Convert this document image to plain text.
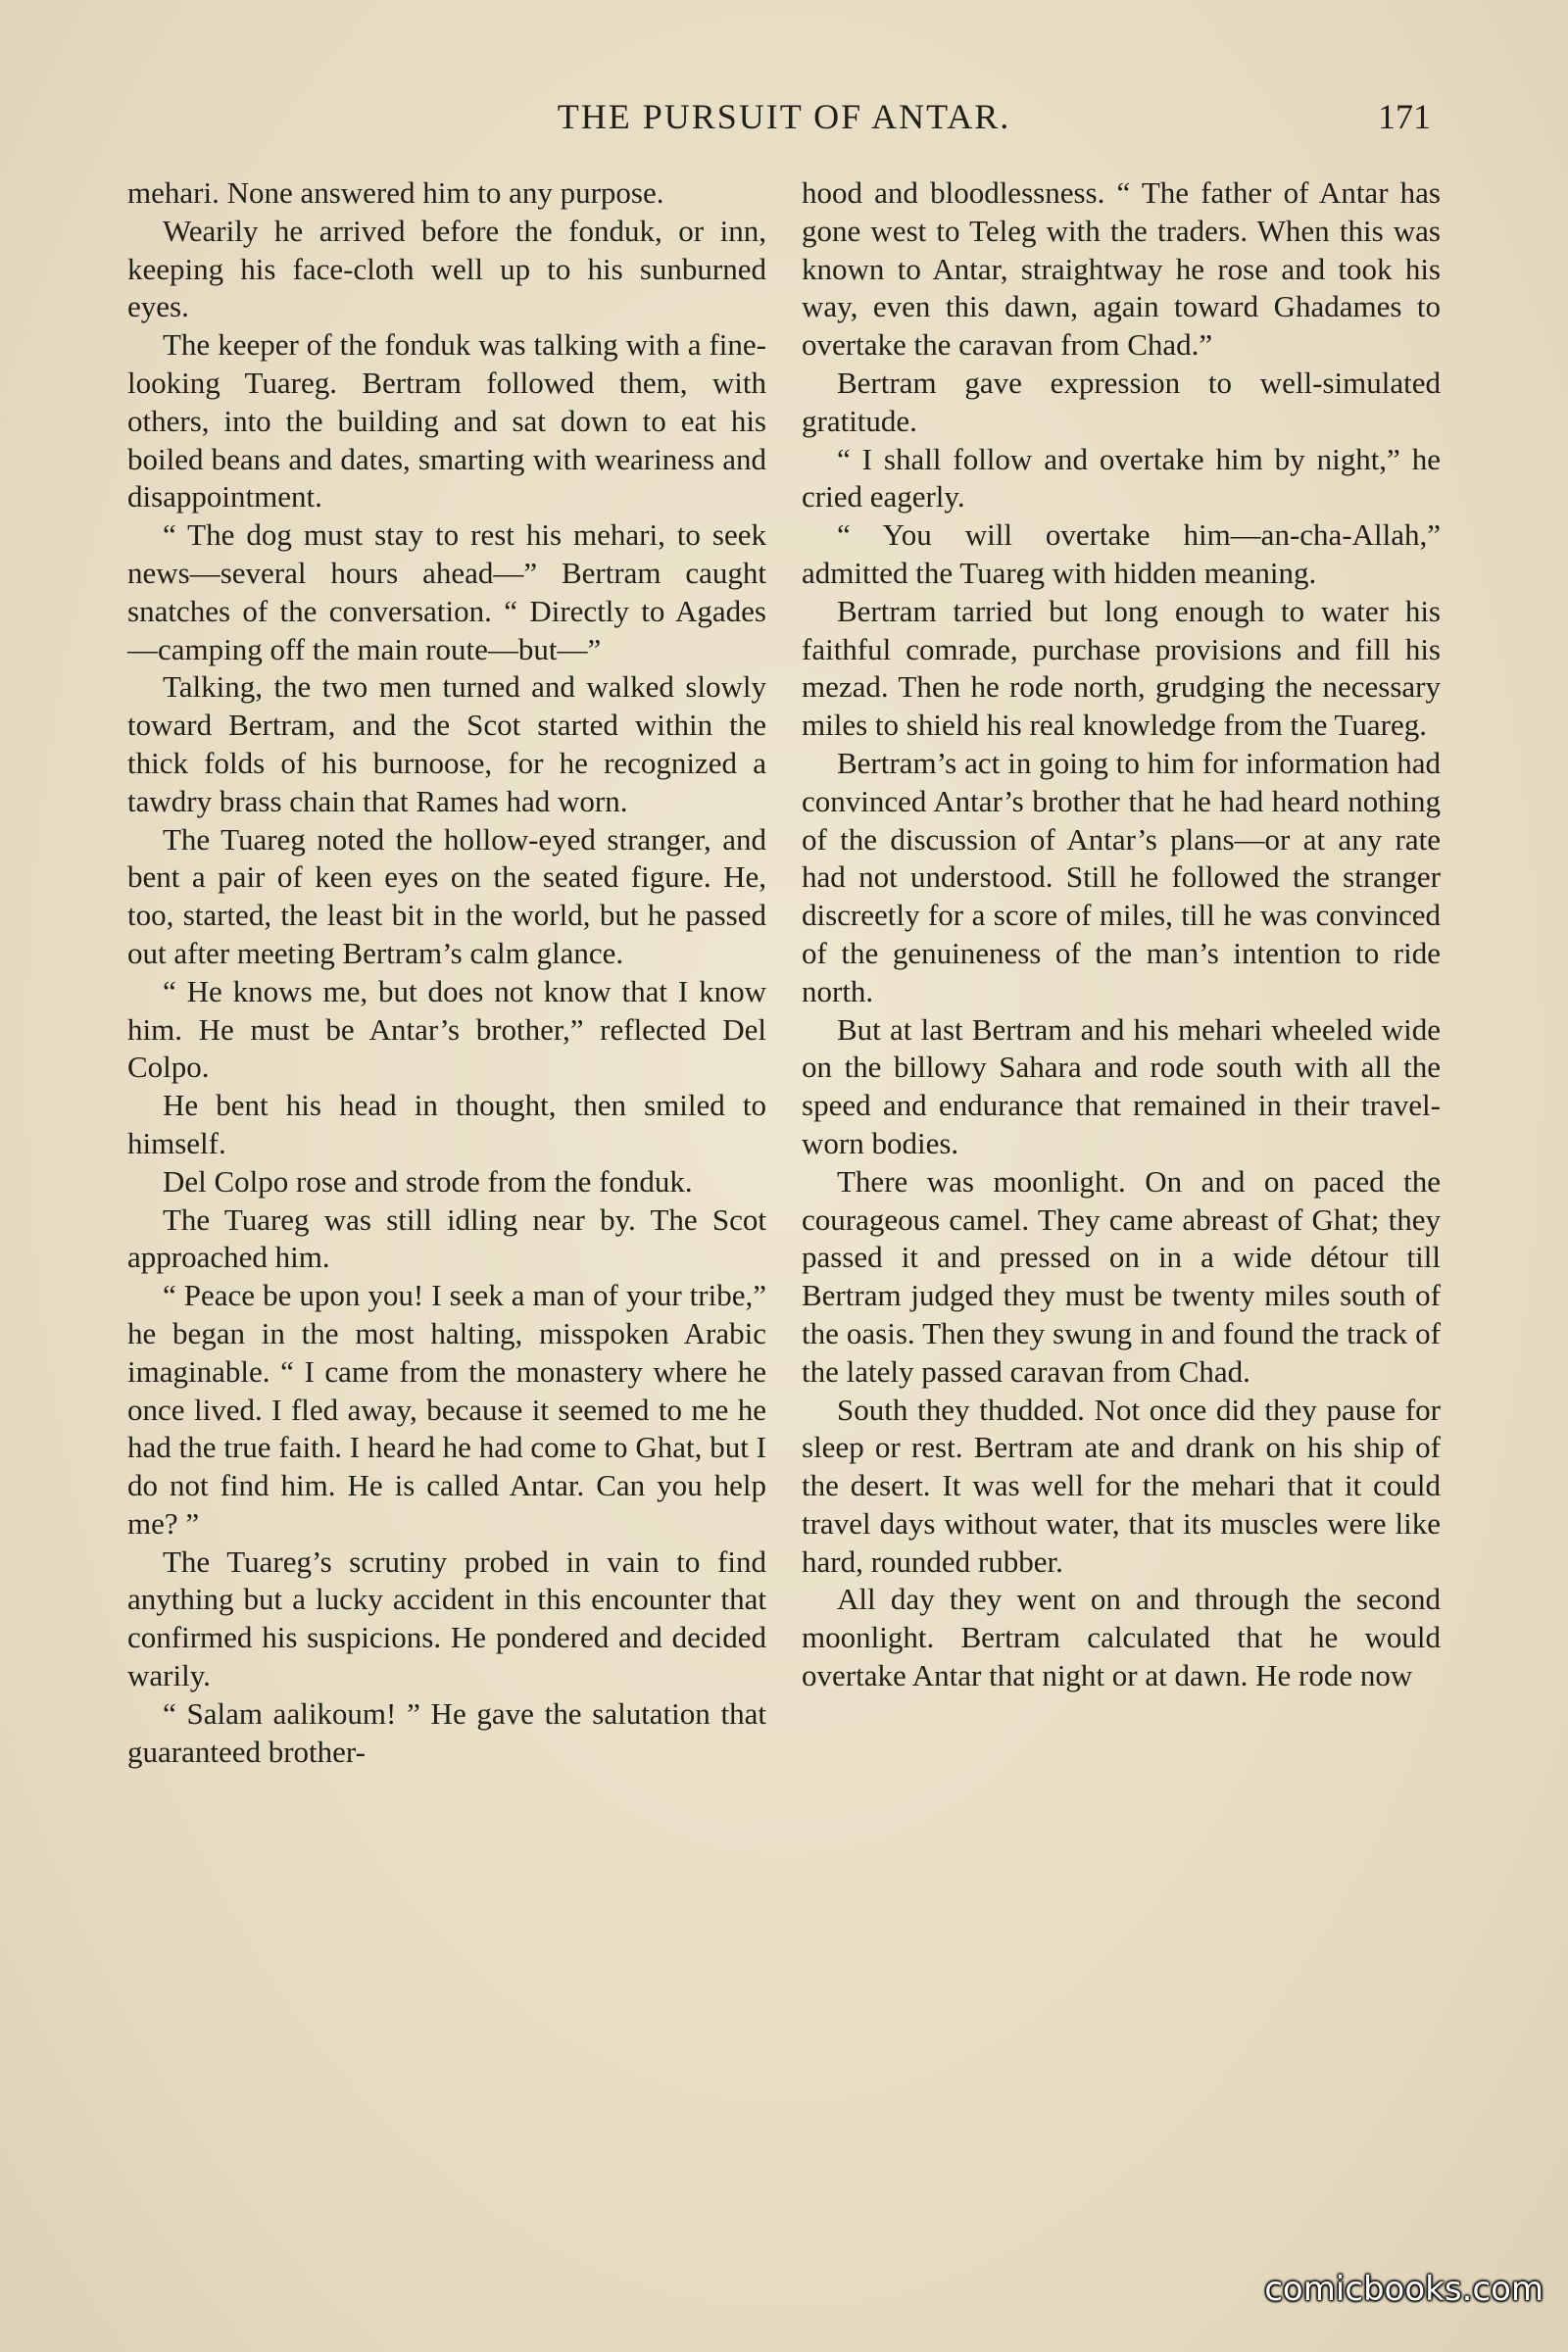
THE PURSUIT OF ANTAR.	171

mehari. None answered him to any purpose.

Wearily he arrived before the fonduk, or inn, keeping his face-cloth well up to his sunburned eyes.

The keeper of the fonduk was talking with a fine-looking Tuareg. Bertram followed them, with others, into the building and sat down to eat his boiled beans and dates, smarting with weariness and disappointment.

“ The dog must stay to rest his mehari, to seek news—several hours ahead—” Bertram caught snatches of the conversation. “ Directly to Agades —camping off the main route—but—”

Talking, the two men turned and walked slowly toward Bertram, and the Scot started within the thick folds of his burnoose, for he recognized a tawdry brass chain that Rames had worn.

The Tuareg noted the hollow-eyed stranger, and bent a pair of keen eyes on the seated figure. He, too, started, the least bit in the world, but he passed out after meeting Bertram’s calm glance.

“ He knows me, but does not know that I know him. He must be Antar’s brother,” reflected Del Colpo.

He bent his head in thought, then smiled to himself.

Del Colpo rose and strode from the fonduk.

The Tuareg was still idling near by. The Scot approached him.

“ Peace be upon you! I seek a man of your tribe,” he began in the most halting, misspoken Arabic imaginable. “ I came from the monastery where he once lived. I fled away, because it seemed to me he had the true faith. I heard he had come to Ghat, but I do not find him. He is called Antar. Can you help me? ”

The Tuareg’s scrutiny probed in vain to find anything but a lucky accident in this encounter that confirmed his suspicions. He pondered and decided warily.

“ Salam aalikoum! ” He gave the salutation that guaranteed brother-

hood and bloodlessness. “ The father of Antar has gone west to Teleg with the traders. When this was known to Antar, straightway he rose and took his way, even this dawn, again toward Ghadames to overtake the caravan from Chad.”

Bertram gave expression to well-simulated gratitude.

“ I shall follow and overtake him by night,” he cried eagerly.

“ You will overtake him—an-cha-Allah,” admitted the Tuareg with hidden meaning.

Bertram tarried but long enough to water his faithful comrade, purchase provisions and fill his mezad. Then he rode north, grudging the necessary miles to shield his real knowledge from the Tuareg.

Bertram’s act in going to him for information had convinced Antar’s brother that he had heard nothing of the discussion of Antar’s plans—or at any rate had not understood. Still he followed the stranger discreetly for a score of miles, till he was convinced of the genuineness of the man’s intention to ride north.

But at last Bertram and his mehari wheeled wide on the billowy Sahara and rode south with all the speed and endurance that remained in their travel-worn bodies.

There was moonlight. On and on paced the courageous camel. They came abreast of Ghat; they passed it and pressed on in a wide détour till Bertram judged they must be twenty miles south of the oasis. Then they swung in and found the track of the lately passed caravan from Chad.

South they thudded. Not once did they pause for sleep or rest. Bertram ate and drank on his ship of the desert. It was well for the mehari that it could travel days without water, that its muscles were like hard, rounded rubber.

All day they went on and through the second moonlight. Bertram calculated that he would overtake Antar that night or at dawn. He rode now

comicbooks.com
